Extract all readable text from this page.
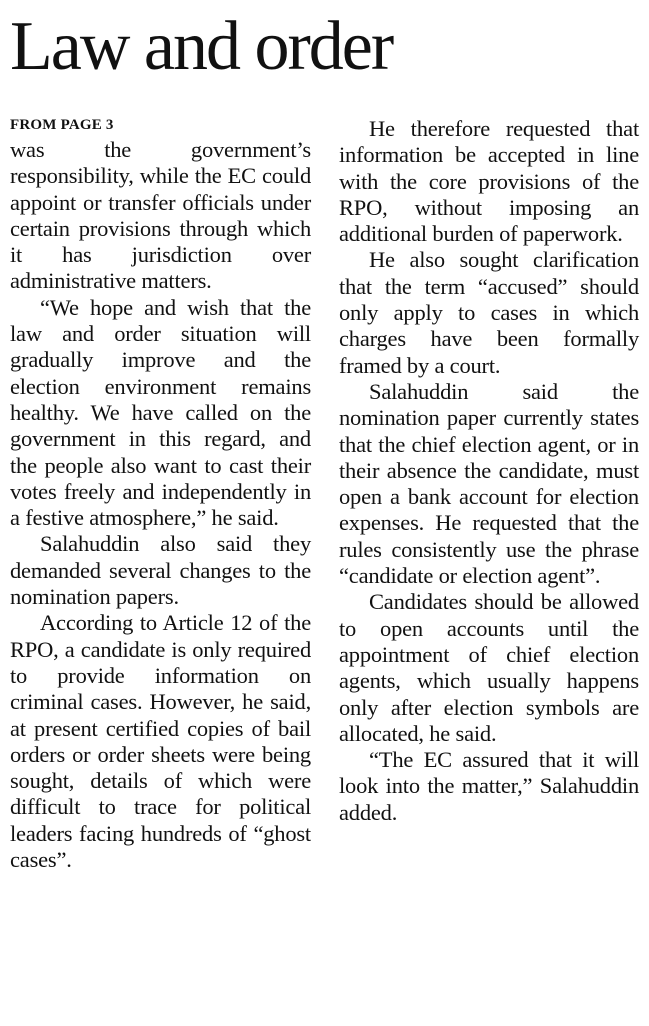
Law and order
FROM PAGE 3

was the government’s responsibility, while the EC could appoint or transfer officials under certain provisions through which it has jurisdiction over administrative matters.

“We hope and wish that the law and order situation will gradually improve and the election environment remains healthy. We have called on the government in this regard, and the people also want to cast their votes freely and independently in a festive atmosphere,” he said.

Salahuddin also said they demanded several changes to the nomination papers.

According to Article 12 of the RPO, a candidate is only required to provide information on criminal cases. However, he said, at present certified copies of bail orders or order sheets were being sought, details of which were difficult to trace for political leaders facing hundreds of “ghost cases”.

He therefore requested that information be accepted in line with the core provisions of the RPO, without imposing an additional burden of paperwork.

He also sought clarification that the term “accused” should only apply to cases in which charges have been formally framed by a court.

Salahuddin said the nomination paper currently states that the chief election agent, or in their absence the candidate, must open a bank account for election expenses. He requested that the rules consistently use the phrase “candidate or election agent”.

Candidates should be allowed to open accounts until the appointment of chief election agents, which usually happens only after election symbols are allocated, he said.

“The EC assured that it will look into the matter,” Salahuddin added.
